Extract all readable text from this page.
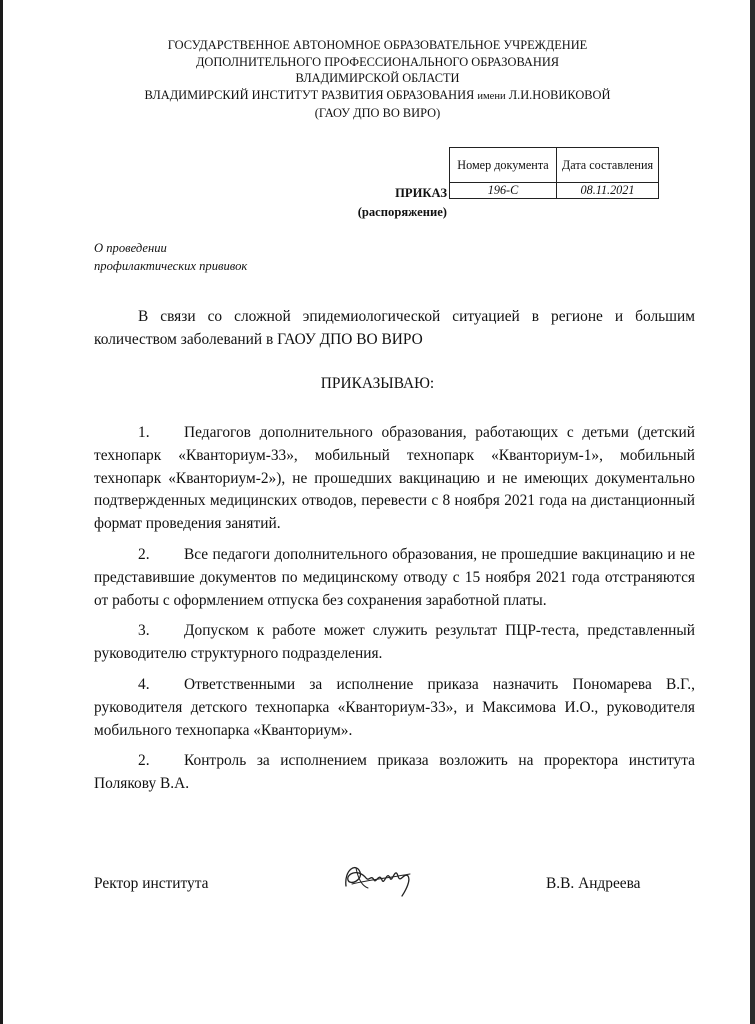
ГОСУДАРСТВЕННОЕ АВТОНОМНОЕ ОБРАЗОВАТЕЛЬНОЕ УЧРЕЖДЕНИЕ
ДОПОЛНИТЕЛЬНОГО ПРОФЕССИОНАЛЬНОГО ОБРАЗОВАНИЯ
ВЛАДИМИРСКОЙ ОБЛАСТИ
ВЛАДИМИРСКИЙ ИНСТИТУТ РАЗВИТИЯ ОБРАЗОВАНИЯ имени Л.И.НОВИКОВОЙ
(ГАОУ ДПО ВО ВИРО)
Номер документа	Дата составления
196-С	08.11.2021
ПРИКАЗ
(распоряжение)
О проведении
профилактических прививок

В связи со сложной эпидемиологической ситуацией в регионе и большим количеством заболеваний в ГАОУ ДПО ВО ВИРО

ПРИКАЗЫВАЮ:

1. Педагогов дополнительного образования, работающих с детьми (детский технопарк «Кванториум-33», мобильный технопарк «Кванториум-1», мобильный технопарк «Кванториум-2»), не прошедших вакцинацию и не имеющих документально подтвержденных медицинских отводов, перевести с 8 ноября 2021 года на дистанционный формат проведения занятий.

2. Все педагоги дополнительного образования, не прошедшие вакцинацию и не представившие документов по медицинскому отводу с 15 ноября 2021 года отстраняются от работы с оформлением отпуска без сохранения заработной платы.

3. Допуском к работе может служить результат ПЦР-теста, представленный руководителю структурного подразделения.

4. Ответственными за исполнение приказа назначить Пономарева В.Г., руководителя детского технопарка «Кванториум-33», и Максимова И.О., руководителя мобильного технопарка «Кванториум».

2. Контроль за исполнением приказа возложить на проректора института Полякову В.А.

Ректор института	В.В. Андреева
